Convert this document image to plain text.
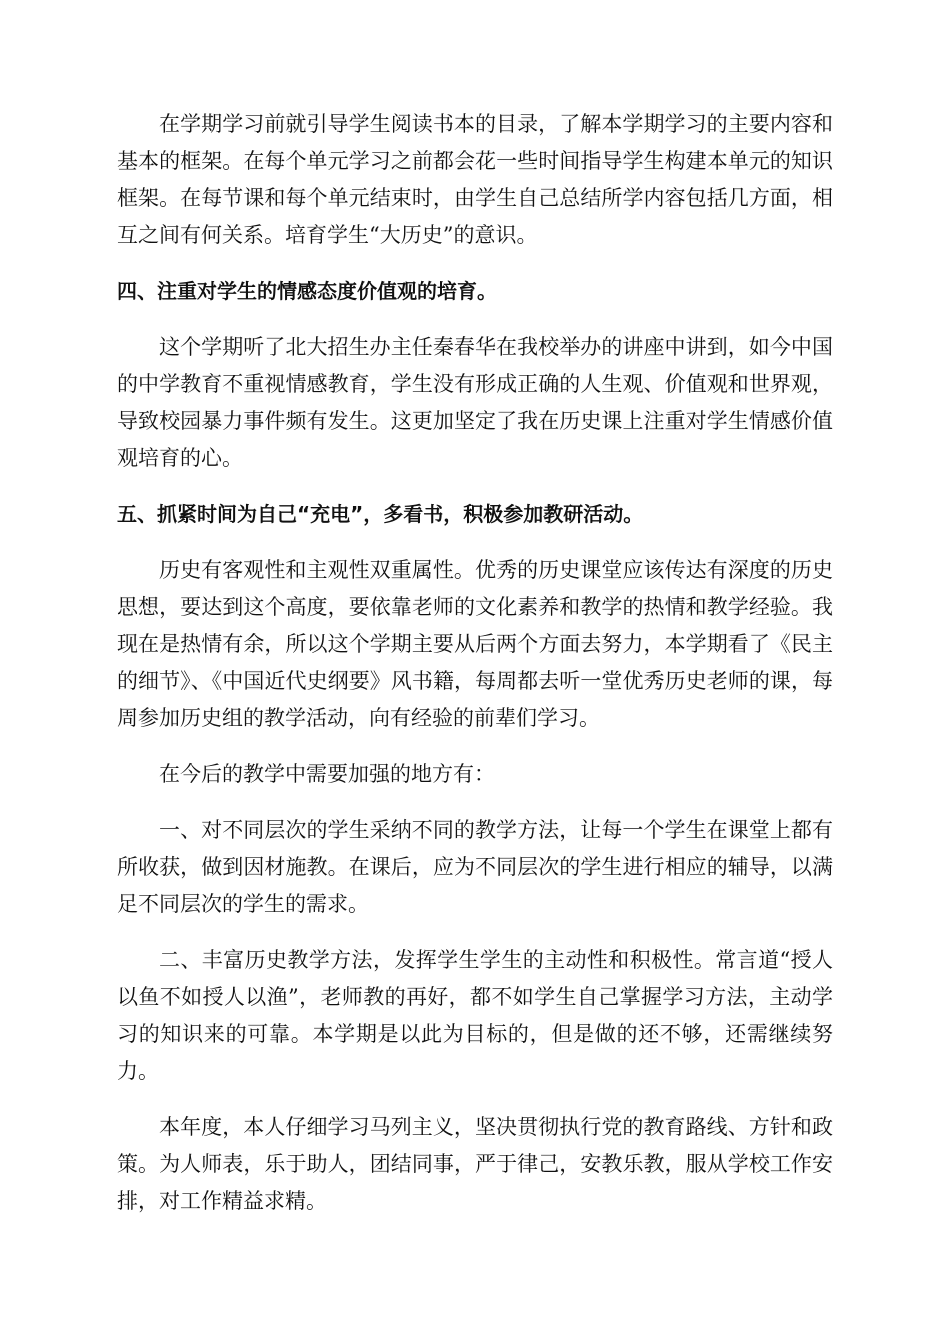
在学期学习前就引导学生阅读书本的目录，了解本学期学习的主要内容和基本的框架。在每个单元学习之前都会花一些时间指导学生构建本单元的知识框架。在每节课和每个单元结束时，由学生自己总结所学内容包括几方面，相互之间有何关系。培育学生“大历史”的意识。

四、注重对学生的情感态度价值观的培育。

这个学期听了北大招生办主任秦春华在我校举办的讲座中讲到，如今中国的中学教育不重视情感教育，学生没有形成正确的人生观、价值观和世界观，导致校园暴力事件频有发生。这更加坚定了我在历史课上注重对学生情感价值观培育的心。

五、抓紧时间为自己“充电”，多看书，积极参加教研活动。

历史有客观性和主观性双重属性。优秀的历史课堂应该传达有深度的历史思想，要达到这个高度，要依靠老师的文化素养和教学的热情和教学经验。我现在是热情有余，所以这个学期主要从后两个方面去努力，本学期看了《民主的细节》、《中国近代史纲要》风书籍，每周都去听一堂优秀历史老师的课，每周参加历史组的教学活动，向有经验的前辈们学习。

在今后的教学中需要加强的地方有：

一、对不同层次的学生采纳不同的教学方法，让每一个学生在课堂上都有所收获，做到因材施教。在课后，应为不同层次的学生进行相应的辅导，以满足不同层次的学生的需求。

二、丰富历史教学方法，发挥学生学生的主动性和积极性。常言道“授人以鱼不如授人以渔”，老师教的再好，都不如学生自己掌握学习方法，主动学习的知识来的可靠。本学期是以此为目标的，但是做的还不够，还需继续努力。

本年度，本人仔细学习马列主义，坚决贯彻执行党的教育路线、方针和政策。为人师表，乐于助人，团结同事，严于律己，安教乐教，服从学校工作安排，对工作精益求精。
